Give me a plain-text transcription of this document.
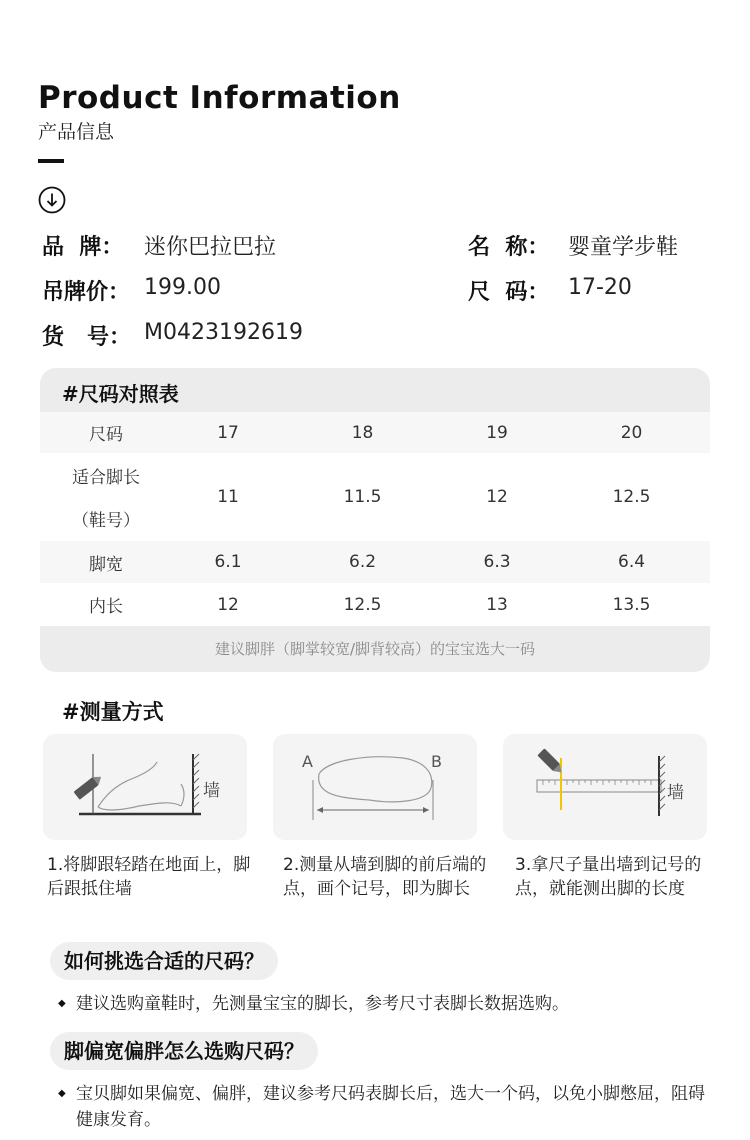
Product Information
产品信息
品  牌： 迷你巴拉巴拉	名  称： 婴童学步鞋
吊牌价： 199.00	尺  码： 17-20
货   号： M0423192619
#尺码对照表
尺码	17	18	19	20

适合脚长
（鞋号）	11	11.5	12	12.5
脚宽	6.1	6.2	6.3	6.4
内长	12	12.5	13	13.5
建议脚胖（脚掌较宽/脚背较高）的宝宝选大一码
#测量方式
墙
A	B
墙
1.将脚跟轻踏在地面上，脚后跟抵住墙
2.测量从墙到脚的前后端的点，画个记号，即为脚长
3.拿尺子量出墙到记号的点，就能测出脚的长度
如何挑选合适的尺码？
◆ 建议选购童鞋时，先测量宝宝的脚长，参考尺寸表脚长数据选购。
脚偏宽偏胖怎么选购尺码？
◆ 宝贝脚如果偏宽、偏胖，建议参考尺码表脚长后，选大一个码，以免小脚憋屈，阻碍健康发育。
